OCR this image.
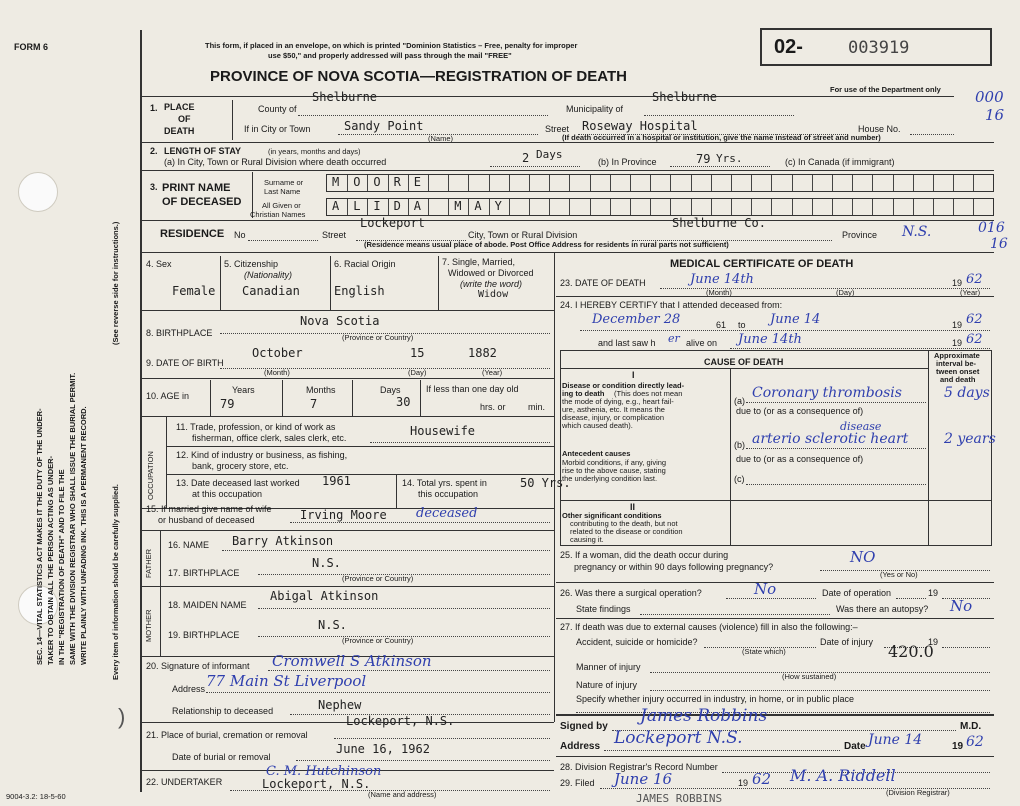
FORM 6
SEC. 14—VITAL STATISTICS ACT MAKES IT THE DUTY OF THE UNDER- TAKER TO OBTAIN ALL THE PERSON ACTING AS UNDER- IN THE "REGISTRATION OF DEATH" AND TO FILE THE SAME WITH THE DIVISION REGISTRAR WHO SHALL ISSUE THE BURIAL PERMIT. WRITE PLAINLY WITH UNFADING INK. THIS IS A PERMANENT RECORD.
(See reverse side for instructions.)
Every item of information should be carefully supplied.
This form, if placed in an envelope, on which is printed "Dominion Statistics – Free, penalty for improper
use $50," and properly addressed will pass through the mail "FREE"	02-	003919
PROVINCE OF NOVA SCOTIA—REGISTRATION OF DEATH
For use of the Department only 000
16
1. PLACE
OF
DEATH
County of
Shelburne
Municipality of
Shelburne
If in City or Town	Sandy Point
(Name)
Street Roseway Hospital	House No.
(If death occurred in a hospital or institution, give the name instead of street and number)
2. LENGTH OF STAY	(in years, months and days)
(a) In City, Town or Rural Division where death occurred	2 Days
(b) In Province	79 Yrs.	(c) In Canada (if immigrant)
3. PRINT NAME
OF DECEASED
Surname or
Last Name
All Given or
Christian Names
M O O R E
A L I D A	M A Y
RESIDENCE No	Street	City, Town or Rural Division
Lockeport	Shelburne Co.
Province N.S.	016
16
(Residence means usual place of abode. Post Office Address for residents in rural parts not sufficient)
4. Sex
Female
5. Citizenship
(Nationality)
Canadian
6. Racial Origin
English
7. Single, Married,
Widowed or Divorced
(write the word)
Widow
8. BIRTHPLACE
Nova Scotia
(Province or Country)
9. DATE OF BIRTH
October	15	1882
(Month)	(Day)	(Year)
10. AGE in
Years	Months	Days
79	7	30
If less than one day old
hrs. or min.
OCCUPATION
11. Trade, profession, or kind of work as
fisherman, office clerk, sales clerk, etc.	Housewife
12. Kind of industry or business, as fishing,
bank, grocery store, etc.
13. Date deceased last worked
at this occupation
1961	14. Total yrs. spent in
this occupation
50 Yrs.
15. If married give name of wife
or husband of deceased	Irving Moore deceased
FATHER
16. NAME Barry Atkinson
17. BIRTHPLACE
N.S.
(Province or Country)
MOTHER
18. MAIDEN NAME
Abigal Atkinson
19. BIRTHPLACE
N.S.
(Province or Country)
20. Signature of informant Cromwell S Atkinson
Address 77 Main St Liverpool
Relationship to deceased	Nephew
)
21. Place of burial, cremation or removal
Lockeport, N.S.
Date of burial or removal
June 16, 1962
22. UNDERTAKER
C. M. Hutchinson
Lockeport, N.S.
(Name and address)
MEDICAL CERTIFICATE OF DEATH
23. DATE OF DEATH	June 14th	19 62
(Month)	(Day)	(Year)
24. I HEREBY CERTIFY that I attended deceased from:
December 28	61 to June 14	19 62
and last saw h er alive on June 14th	19 62
CAUSE OF DEATH
Approximate
interval be-
tween onset
and death
I
Disease or condition directly lead-
ing to death (This does not mean
the mode of dying, e.g., heart fail-
ure, asthenia, etc. It means the
disease, injury, or complication
which caused death).
(a) Coronary thrombosis	5 days
due to (or as a consequence of)
Antecedent causes
Morbid conditions, if any, giving
rise to the above cause, stating
the underlying condition last.
(b)
disease
arterio sclerotic heart	2 years
due to (or as a consequence of)
(c)
II
Other significant conditions
contributing to the death, but not
related to the disease or condition
causing it.
25. If a woman, did the death occur during
pregnancy or within 90 days following pregnancy?
NO
(Yes or No)
26. Was there a surgical operation?	No	Date of operation	19
State findings	Was there an autopsy? No
27. If death was due to external causes (violence) fill in also the following:–
Accident, suicide or homicide?	Date of injury	19
(State which)	420.0
Manner of injury
(How sustained)
Nature of injury
Specify whether injury occurred in industry, in home, or in public place
Signed by
James Robbins
M.D.
Address Lockeport N.S.	Date June 14	19 62
28. Division Registrar's Record Number
29. Filed June 16	19 62 M. A. Riddell
(Division Registrar)
JAMES ROBBINS
9004-3.2: 18-5-60
